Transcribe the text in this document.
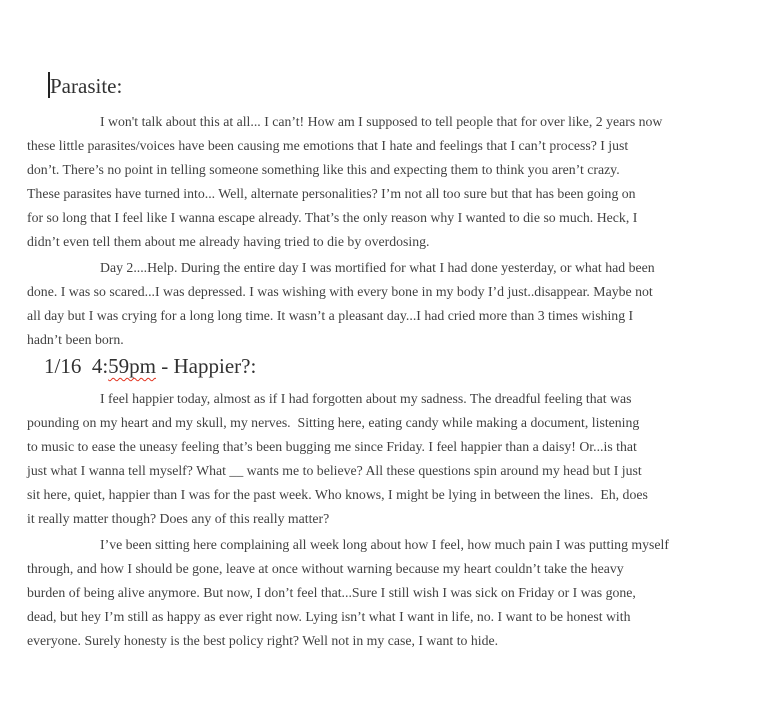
Parasite:
I won't talk about this at all... I can’t! How am I supposed to tell people that for over like, 2 years now
these little parasites/voices have been causing me emotions that I hate and feelings that I can’t process? I just
don’t. There’s no point in telling someone something like this and expecting them to think you aren’t crazy.
These parasites have turned into... Well, alternate personalities? I’m not all too sure but that has been going on
for so long that I feel like I wanna escape already. That’s the only reason why I wanted to die so much. Heck, I
didn’t even tell them about me already having tried to die by overdosing.
Day 2....Help. During the entire day I was mortified for what I had done yesterday, or what had been
done. I was so scared...I was depressed. I was wishing with every bone in my body I’d just..disappear. Maybe not
all day but I was crying for a long long time. It wasn’t a pleasant day...I had cried more than 3 times wishing I
hadn’t been born.
1/16  4:59pm - Happier?:
I feel happier today, almost as if I had forgotten about my sadness. The dreadful feeling that was
pounding on my heart and my skull, my nerves.  Sitting here, eating candy while making a document, listening
to music to ease the uneasy feeling that’s been bugging me since Friday. I feel happier than a daisy! Or...is that
just what I wanna tell myself? What __ wants me to believe? All these questions spin around my head but I just
sit here, quiet, happier than I was for the past week. Who knows, I might be lying in between the lines.  Eh, does
it really matter though? Does any of this really matter?
I’ve been sitting here complaining all week long about how I feel, how much pain I was putting myself
through, and how I should be gone, leave at once without warning because my heart couldn’t take the heavy
burden of being alive anymore. But now, I don’t feel that...Sure I still wish I was sick on Friday or I was gone,
dead, but hey I’m still as happy as ever right now. Lying isn’t what I want in life, no. I want to be honest with
everyone. Surely honesty is the best policy right? Well not in my case, I want to hide.
